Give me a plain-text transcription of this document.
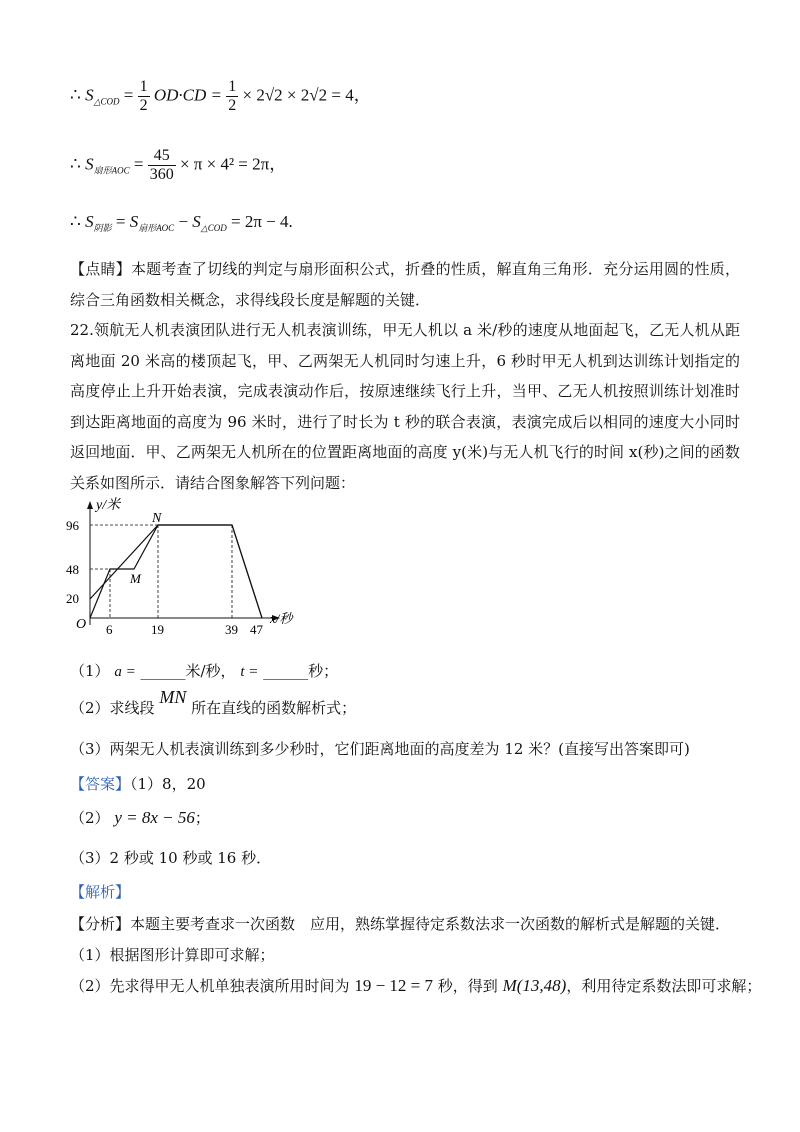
∴ $S_{\triangle COD} = \frac{1}{2} OD\cdot CD = \frac{1}{2} \times 2√2 \times 2√2 = 4$，
∴ $S_{扇形AOC} = \frac{45}{360} \times \pi \times 4^2 = 2\pi$，
∴ $S_{阴影} = S_{扇形AOC} - S_{\triangle COD} = 2\pi - 4$.
【点睛】本题考查了切线的判定与扇形面积公式，折叠的性质，解直角三角形．充分运用圆的性质，综合三角函数相关概念，求得线段长度是解题的关键．
22.领航无人机表演团队进行无人机表演训练，甲无人机以 a 米/秒的速度从地面起飞，乙无人机从距离地面 20 米高的楼顶起飞，甲、乙两架无人机同时匀速上升，6 秒时甲无人机到达训练计划指定的高度停止上升开始表演，完成表演动作后，按原速继续飞行上升，当甲、乙无人机按照训练计划准时到达距离地面的高度为 96 米时，进行了时长为 t 秒的联合表演，表演完成后以相同的速度大小同时返回地面．甲、乙两架无人机所在的位置距离地面的高度 y(米)与无人机飞行的时间 x(秒)之间的函数关系如图所示．请结合图象解答下列问题：
y/米
x/秒
O
N
M
96
48
20
6	19	39 47
（1） a = ______米/秒， t = ______秒；
（2）求线段 MN 所在直线的函数解析式；
（3）两架无人机表演训练到多少秒时，它们距离地面的高度差为 12 米？(直接写出答案即可)
【答案】（1）8，20
（2） y = 8x − 56；
（3）2 秒或 10 秒或 16 秒．
【解析】
【分析】本题主要考查求一次函数　应用，熟练掌握待定系数法求一次函数的解析式是解题的关键．
（1）根据图形计算即可求解；
（2）先求得甲无人机单独表演所用时间为 19 − 12 = 7 秒，得到 M(13,48)，利用待定系数法即可求解；
